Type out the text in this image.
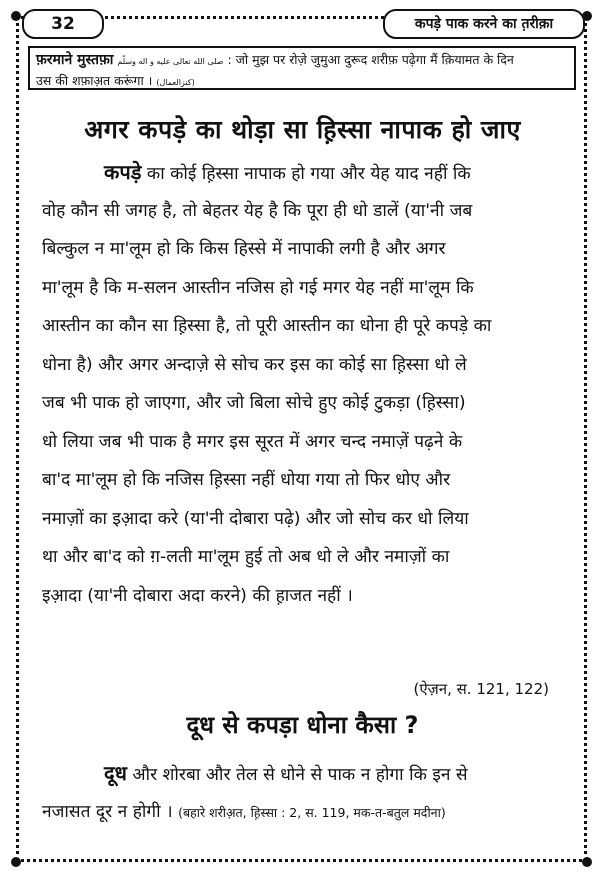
32	कपड़े पाक करने का त़रीक़ा
फ़रमाने मुस्तफ़ा صلى الله تعالى عليه و اله وسلّم : जो मुझ पर रोज़े जुमुआ दुरूद शरीफ़ पढ़ेगा मैं क़ियामत के दिन
उस की शफ़ाअ़त करूंगा । (کنزالعمال)
अगर कपड़े का थोड़ा सा ह़िस्सा नापाक हो जाए
कपड़े का कोई ह़िस्सा नापाक हो गया और येह याद नहीं कि
वोह कौन सी जगह है, तो बेहतर येह है कि पूरा ही धो डालें (या'नी जब
बिल्कुल न मा'लूम हो कि किस हिस्से में नापाकी लगी है और अगर
मा'लूम है कि म-सलन आस्तीन नजिस हो गई मगर येह नहीं मा'लूम कि
आस्तीन का कौन सा ह़िस्सा है, तो पूरी आस्तीन का धोना ही पूरे कपड़े का
धोना है) और अगर अन्दाज़े से सोच कर इस का कोई सा ह़िस्सा धो ले
जब भी पाक हो जाएगा, और जो बिला सोचे हुए कोई टुकड़ा (ह़िस्सा)
धो लिया जब भी पाक है मगर इस सूरत में अगर चन्द नमाज़ें पढ़ने के
बा'द मा'लूम हो कि नजिस ह़िस्सा नहीं धोया गया तो फिर धोए और
नमाज़ों का इआ़दा करे (या'नी दोबारा पढ़े) और जो सोच कर धो लिया
था और बा'द को ग़-लती मा'लूम हुई तो अब धो ले और नमाज़ों का
इआ़दा (या'नी दोबारा अदा करने) की ह़ाजत नहीं ।
(ऐज़न, स. 121, 122)
दूध से कपड़ा धोना कैसा ?
दूध और शोरबा और तेल से धोने से पाक न होगा कि इन से
नजासत दूर न होगी । (बहारे शरीअ़त, ह़िस्सा : 2, स. 119, मक-त-बतुल मदीना)
